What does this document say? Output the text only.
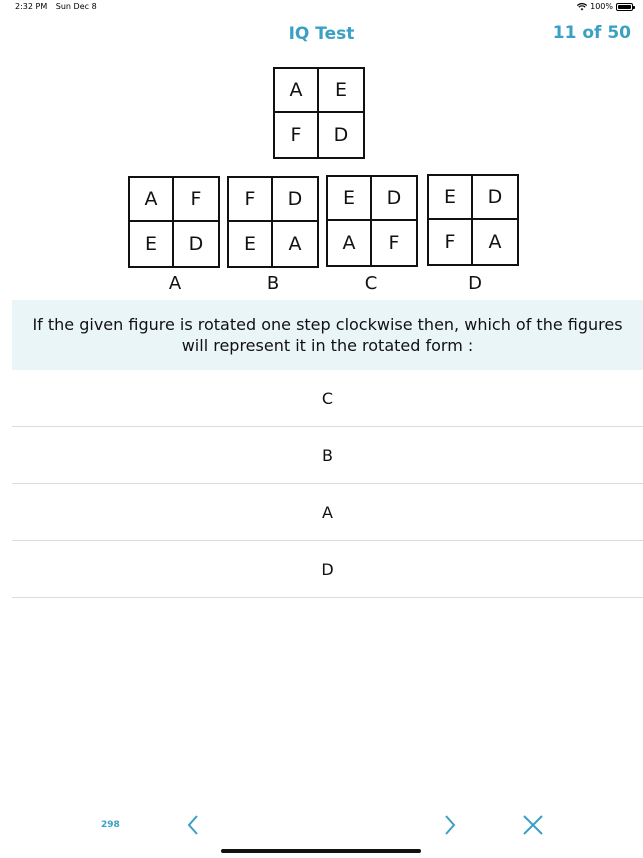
2:32 PM Sun Dec 8	100%
IQ Test	11 of 50
A	E
F	D
A	F
E	D
F	D
E	A
E	D
A	F
E	D
F	A
A	B	C	D
If the given figure is rotated one step clockwise then, which of the figures will represent it in the rotated form :
C
B
A
D
298
